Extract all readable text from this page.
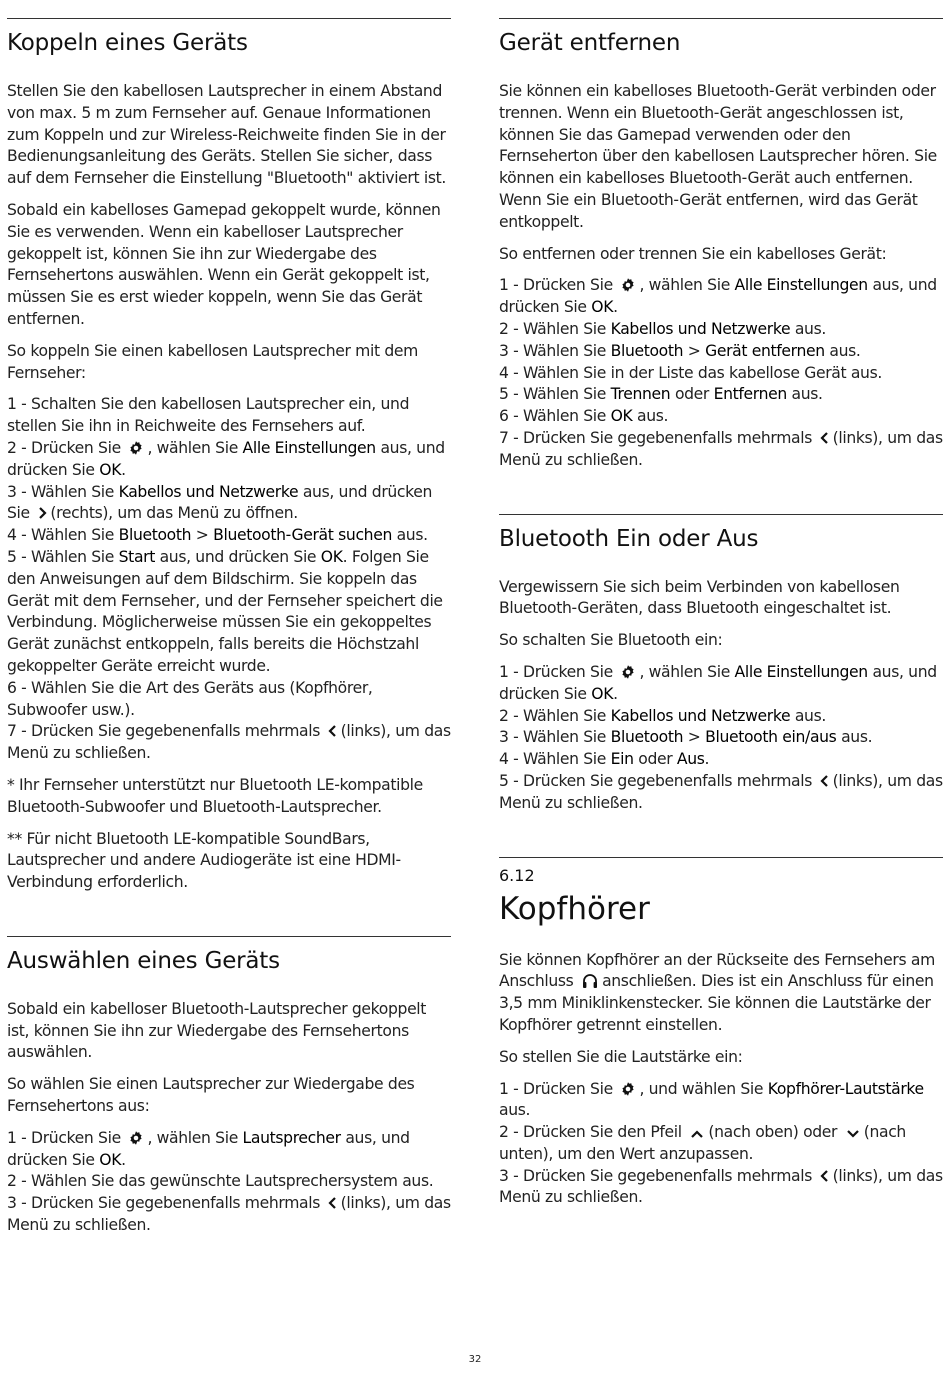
Koppeln eines Geräts

Stellen Sie den kabellosen Lautsprecher in einem Abstand von max. 5 m zum Fernseher auf. Genaue Informationen zum Koppeln und zur Wireless-Reichweite finden Sie in der Bedienungsanleitung des Geräts. Stellen Sie sicher, dass auf dem Fernseher die Einstellung "Bluetooth" aktiviert ist.

Sobald ein kabelloses Gamepad gekoppelt wurde, können Sie es verwenden. Wenn ein kabelloser Lautsprecher gekoppelt ist, können Sie ihn zur Wiedergabe des Fernsehertons auswählen. Wenn ein Gerät gekoppelt ist, müssen Sie es erst wieder koppeln, wenn Sie das Gerät entfernen.

So koppeln Sie einen kabellosen Lautsprecher mit dem Fernseher:

1 - Schalten Sie den kabellosen Lautsprecher ein, und stellen Sie ihn in Reichweite des Fernsehers auf.
2 - Drücken Sie , wählen Sie Alle Einstellungen aus, und drücken Sie OK.
3 - Wählen Sie Kabellos und Netzwerke aus, und drücken Sie (rechts), um das Menü zu öffnen.
4 - Wählen Sie Bluetooth > Bluetooth-Gerät suchen aus.
5 - Wählen Sie Start aus, und drücken Sie OK. Folgen Sie den Anweisungen auf dem Bildschirm. Sie koppeln das Gerät mit dem Fernseher, und der Fernseher speichert die Verbindung. Möglicherweise müssen Sie ein gekoppeltes Gerät zunächst entkoppeln, falls bereits die Höchstzahl gekoppelter Geräte erreicht wurde.
6 - Wählen Sie die Art des Geräts aus (Kopfhörer, Subwoofer usw.).
7 - Drücken Sie gegebenenfalls mehrmals (links), um das Menü zu schließen.

* Ihr Fernseher unterstützt nur Bluetooth LE-kompatible Bluetooth-Subwoofer und Bluetooth-Lautsprecher.

** Für nicht Bluetooth LE-kompatible SoundBars, Lautsprecher und andere Audiogeräte ist eine HDMI-Verbindung erforderlich.

Auswählen eines Geräts

Sobald ein kabelloser Bluetooth-Lautsprecher gekoppelt ist, können Sie ihn zur Wiedergabe des Fernsehertons auswählen.

So wählen Sie einen Lautsprecher zur Wiedergabe des Fernsehertons aus:

1 - Drücken Sie , wählen Sie Lautsprecher aus, und drücken Sie OK.
2 - Wählen Sie das gewünschte Lautsprechersystem aus.
3 - Drücken Sie gegebenenfalls mehrmals (links), um das Menü zu schließen.
Gerät entfernen

Sie können ein kabelloses Bluetooth-Gerät verbinden oder trennen. Wenn ein Bluetooth-Gerät angeschlossen ist, können Sie das Gamepad verwenden oder den Fernseherton über den kabellosen Lautsprecher hören. Sie können ein kabelloses Bluetooth-Gerät auch entfernen. Wenn Sie ein Bluetooth-Gerät entfernen, wird das Gerät entkoppelt.

So entfernen oder trennen Sie ein kabelloses Gerät:

1 - Drücken Sie , wählen Sie Alle Einstellungen aus, und drücken Sie OK.
2 - Wählen Sie Kabellos und Netzwerke aus.
3 - Wählen Sie Bluetooth > Gerät entfernen aus.
4 - Wählen Sie in der Liste das kabellose Gerät aus.
5 - Wählen Sie Trennen oder Entfernen aus.
6 - Wählen Sie OK aus.
7 - Drücken Sie gegebenenfalls mehrmals (links), um das Menü zu schließen.
Bluetooth Ein oder Aus

Vergewissern Sie sich beim Verbinden von kabellosen Bluetooth-Geräten, dass Bluetooth eingeschaltet ist.

So schalten Sie Bluetooth ein:

1 - Drücken Sie , wählen Sie Alle Einstellungen aus, und drücken Sie OK.
2 - Wählen Sie Kabellos und Netzwerke aus.
3 - Wählen Sie Bluetooth > Bluetooth ein/aus aus.
4 - Wählen Sie Ein oder Aus.
5 - Drücken Sie gegebenenfalls mehrmals (links), um das Menü zu schließen.
6.12
Kopfhörer

Sie können Kopfhörer an der Rückseite des Fernsehers am Anschluss anschließen. Dies ist ein Anschluss für einen 3,5 mm Miniklinkenstecker. Sie können die Lautstärke der Kopfhörer getrennt einstellen.

So stellen Sie die Lautstärke ein:

1 - Drücken Sie , und wählen Sie Kopfhörer-Lautstärke aus.
2 - Drücken Sie den Pfeil (nach oben) oder (nach unten), um den Wert anzupassen.
3 - Drücken Sie gegebenenfalls mehrmals (links), um das Menü zu schließen.
32
